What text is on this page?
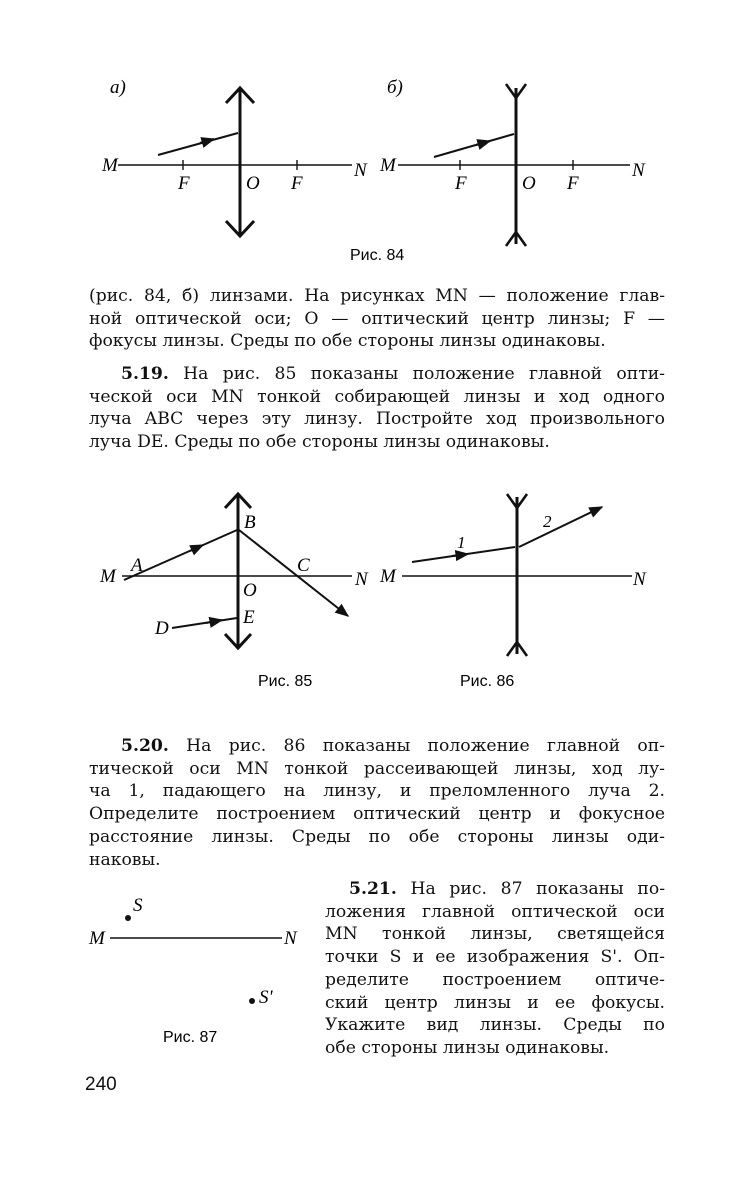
а)
M
F	O F
N
б)
M
F	O F
N
Рис. 84
M
A
B
C
O
E
D
N
Рис. 85
M
1
2
N
Рис. 86
M
S
S'
N
Рис. 87
(рис. 84, б) линзами. На рисунках MN — положение глав-
ной оптической оси; O — оптический центр линзы; F —
фокусы линзы. Среды по обе стороны линзы одинаковы.
5.19. На рис. 85 показаны положение главной опти-
ческой оси MN тонкой собирающей линзы и ход одного
луча ABC через эту линзу. Постройте ход произвольного
луча DE. Среды по обе стороны линзы одинаковы.
5.20. На рис. 86 показаны положение главной оп-
тической оси MN тонкой рассеивающей линзы, ход лу-
ча 1, падающего на линзу, и преломленного луча 2.
Определите построением оптический центр и фокусное
расстояние линзы. Среды по обе стороны линзы оди-
наковы.
5.21. На рис. 87 показаны по-
ложения главной оптической оси
MN тонкой линзы, светящейся
точки S и ее изображения S'. Оп-
ределите построением оптиче-
ский центр линзы и ее фокусы.
Укажите вид линзы. Среды по
обе стороны линзы одинаковы.
240
